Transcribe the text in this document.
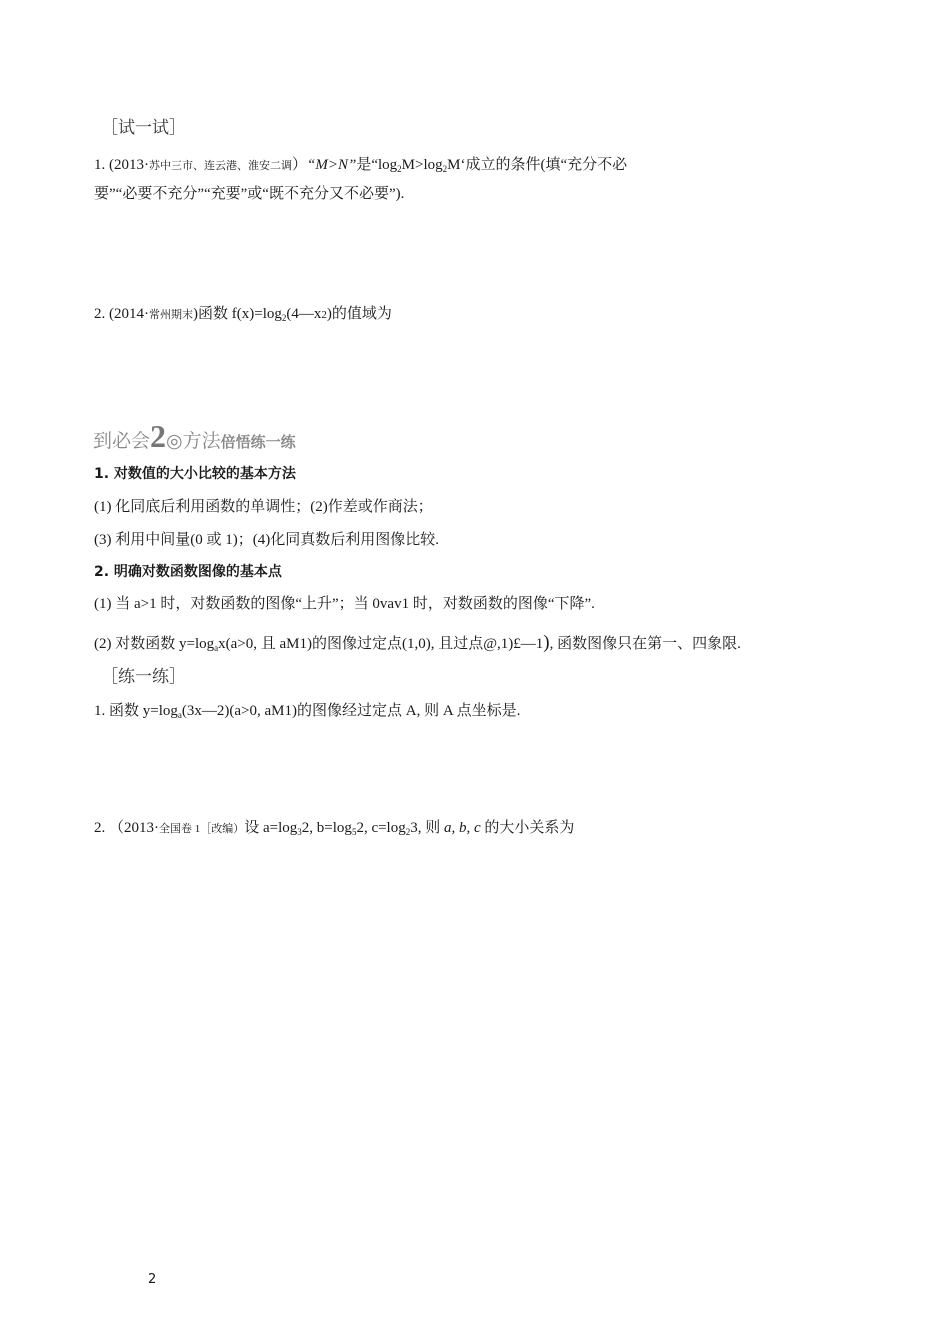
［试一试］
1. (2013·苏中三市、连云港、淮安二调）“M>N”是“$\log_2M>\log_2M‘$成立的条件(填“充分不必
要”“必要不充分”“充要”或“既不充分又不必要”).
2. (2014·常州期末)函数 $f(x)=\log_2(4—x2)$的值域为
到必会2◎方法倍⁠悟练一练
1. 对数值的大小比较的基本方法
(1) 化同底后利用函数的单调性；(2)作差或作商法；
(3) 利用中间量(0 或 1)；(4)化同真数后利用图像比较.
2. 明确对数函数图像的基本点
(1) 当 a>1 时，对数函数的图像“上升”；当 0vav1 时，对数函数的图像“下降”.
(2) 对数函数 $y=\log_ax(a>0$, 且 aM1)的图像过定点(1,0), 且过点@,1)£—1), 函数图像只在第一、四象限.
［练一练］
1. 函数 $y=\log_a(3x—2)(a>0$, aM1)的图像经过定点 A, 则 A 点坐标是.
2. （2013·全国卷 1［改编）设 $a=\log_32$, $b=\log_52$, $c=\log_23$, 则 a, b, c 的大小关系为
2
